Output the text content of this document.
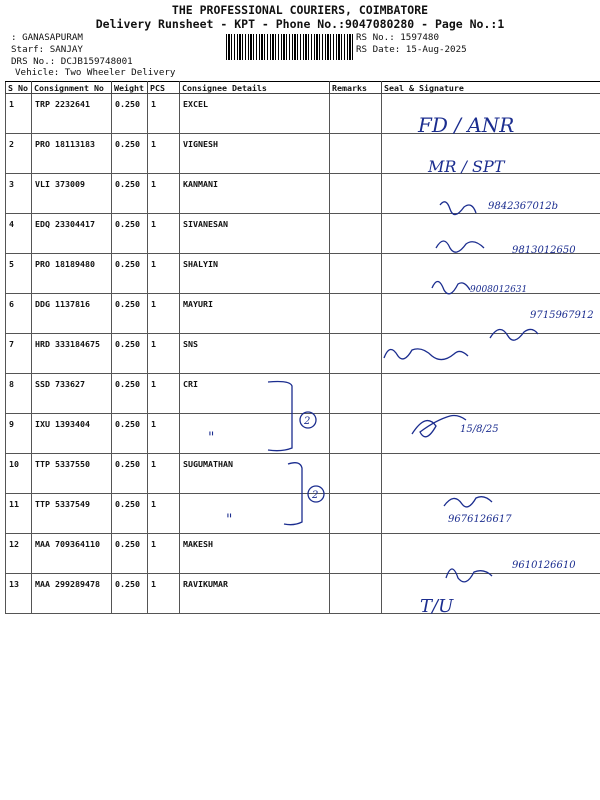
THE PROFESSIONAL COURIERS, COIMBATORE
Delivery Runsheet - KPT - Phone No.:9047080280 - Page No.:1
: GANASAPURAM
Starf: SANJAY
DRS No.: DCJB159748001
Vehicle: Two Wheeler Delivery
RS No.: 1597480
RS Date: 15-Aug-2025
S No	Consignment No	Weight	PCS	Consignee Details	Remarks	Seal & Signature
1	TRP 2232641	0.250	1	EXCEL		
2	PRO 18113183	0.250	1	VIGNESH		
3	VLI 373009	0.250	1	KANMANI		
4	EDQ 23304417	0.250	1	SIVANESAN		
5	PRO 18189480	0.250	1	SHALYIN		
6	DDG 1137816	0.250	1	MAYURI		
7	HRD 333184675	0.250	1	SNS		
8	SSD 733627	0.250	1	CRI		
9	IXU 1393404	0.250	1			
10	TTP 5337550	0.250	1	SUGUMATHAN		
11	TTP 5337549	0.250	1			
12	MAA 709364110	0.250	1	MAKESH		
13	MAA 299289478	0.250	1	RAVIKUMAR		
FD / ANR
MR / SPT
9842367012b
9813012650
9008012631
9715967912
2
"
15/8/25
2
"	9676126617
9610126610
T/U
